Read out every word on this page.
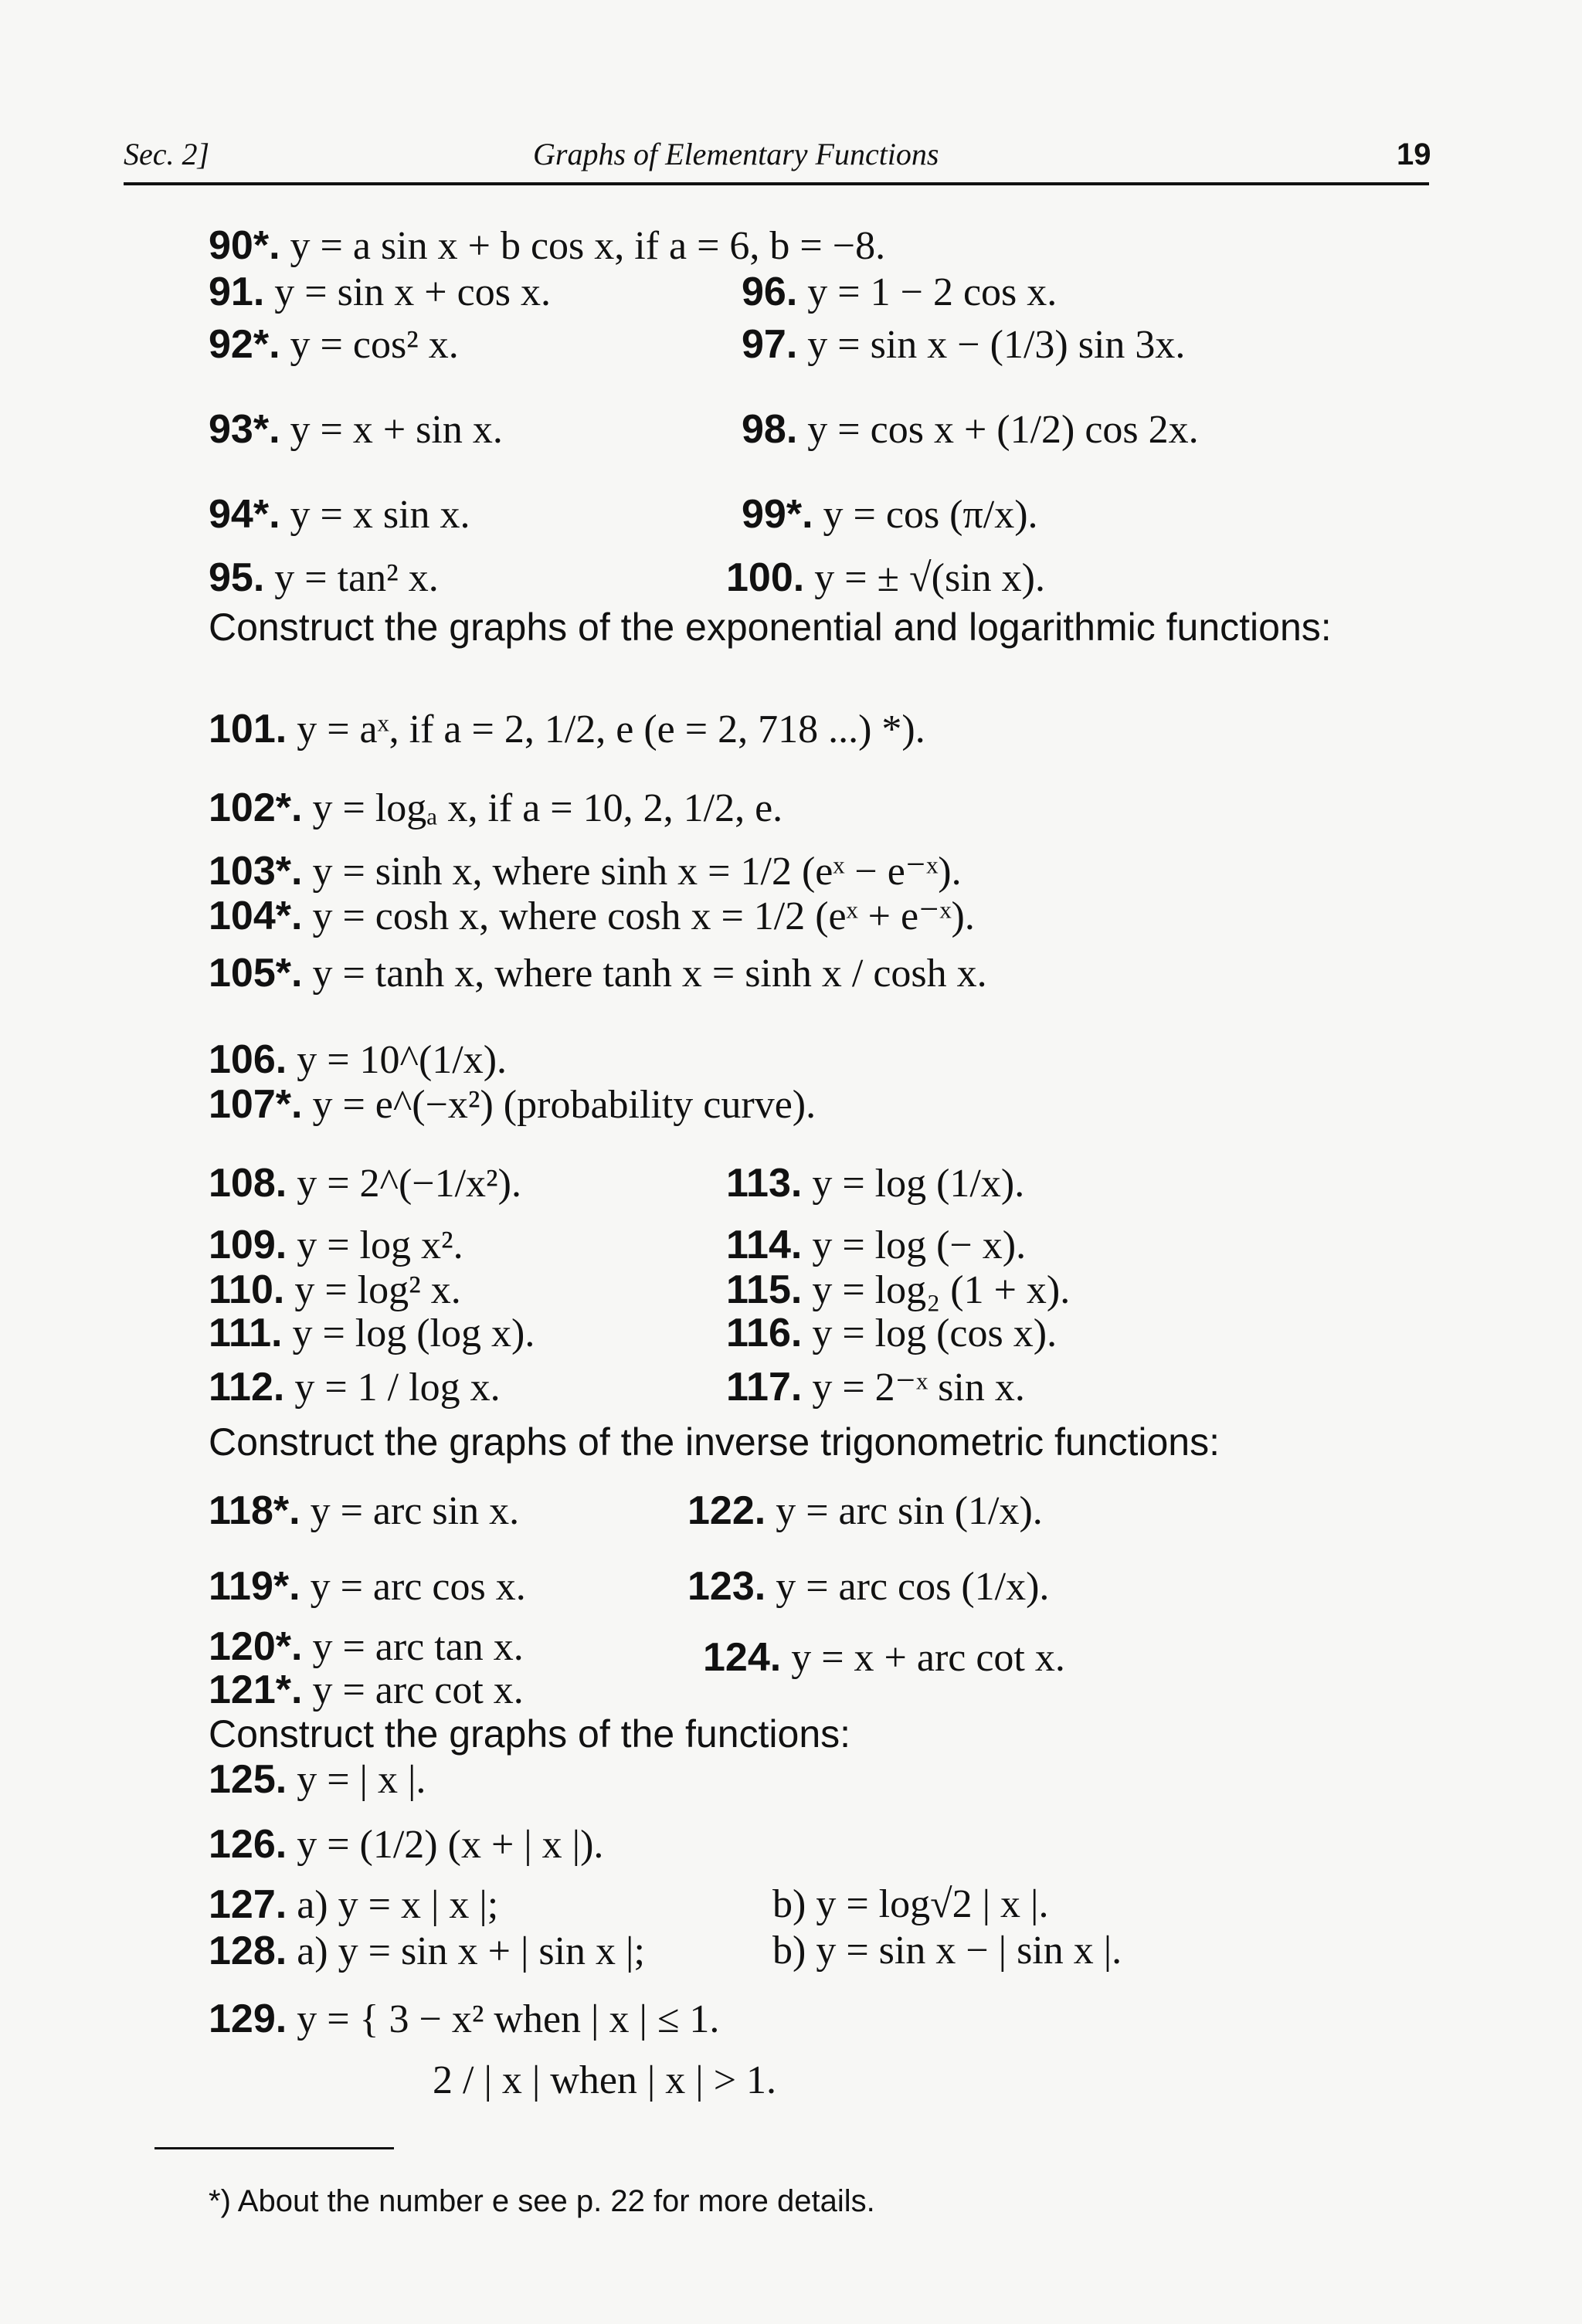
Sec. 2]	Graphs of Elementary Functions	19
90*. y = a sin x + b cos x, if a = 6, b = −8.
91. y = sin x + cos x.	96. y = 1 − 2 cos x.
92*. y = cos² x.	97. y = sin x − (1/3) sin 3x.
93*. y = x + sin x.	98. y = cos x + (1/2) cos 2x.
94*. y = x sin x.	99*. y = cos (π/x).
95. y = tan² x.	100. y = ± √(sin x).
Construct the graphs of the exponential and logarithmic functions:
101. y = aˣ, if a = 2, 1/2, e (e = 2, 718 ...) *).
102*. y = logₐ x, if a = 10, 2, 1/2, e.
103*. y = sinh x, where sinh x = 1/2 (eˣ − e⁻ˣ).
104*. y = cosh x, where cosh x = 1/2 (eˣ + e⁻ˣ).
105*. y = tanh x, where tanh x = sinh x / cosh x.
106. y = 10^(1/x).
107*. y = e^(−x²) (probability curve).
108. y = 2^(−1/x²).	113. y = log (1/x).
109. y = log x².	114. y = log (− x).
110. y = log² x.	115. y = log₂ (1 + x).
111. y = log (log x).	116. y = log (cos x).
112. y = 1 / log x.	117. y = 2⁻ˣ sin x.
Construct the graphs of the inverse trigonometric functions:
118*. y = arc sin x.	122. y = arc sin (1/x).
119*. y = arc cos x.	123. y = arc cos (1/x).
120*. y = arc tan x.	124. y = x + arc cot x.
121*. y = arc cot x.
Construct the graphs of the functions:
125. y = | x |.
126. y = (1/2) (x + | x |).
127. a) y = x | x |;	b) y = log√2 | x |.
128. a) y = sin x + | sin x |;	b) y = sin x − | sin x |.
129. y = { 3 − x² when | x | ≤ 1.
2 / | x | when | x | > 1.
*) About the number e see p. 22 for more details.
